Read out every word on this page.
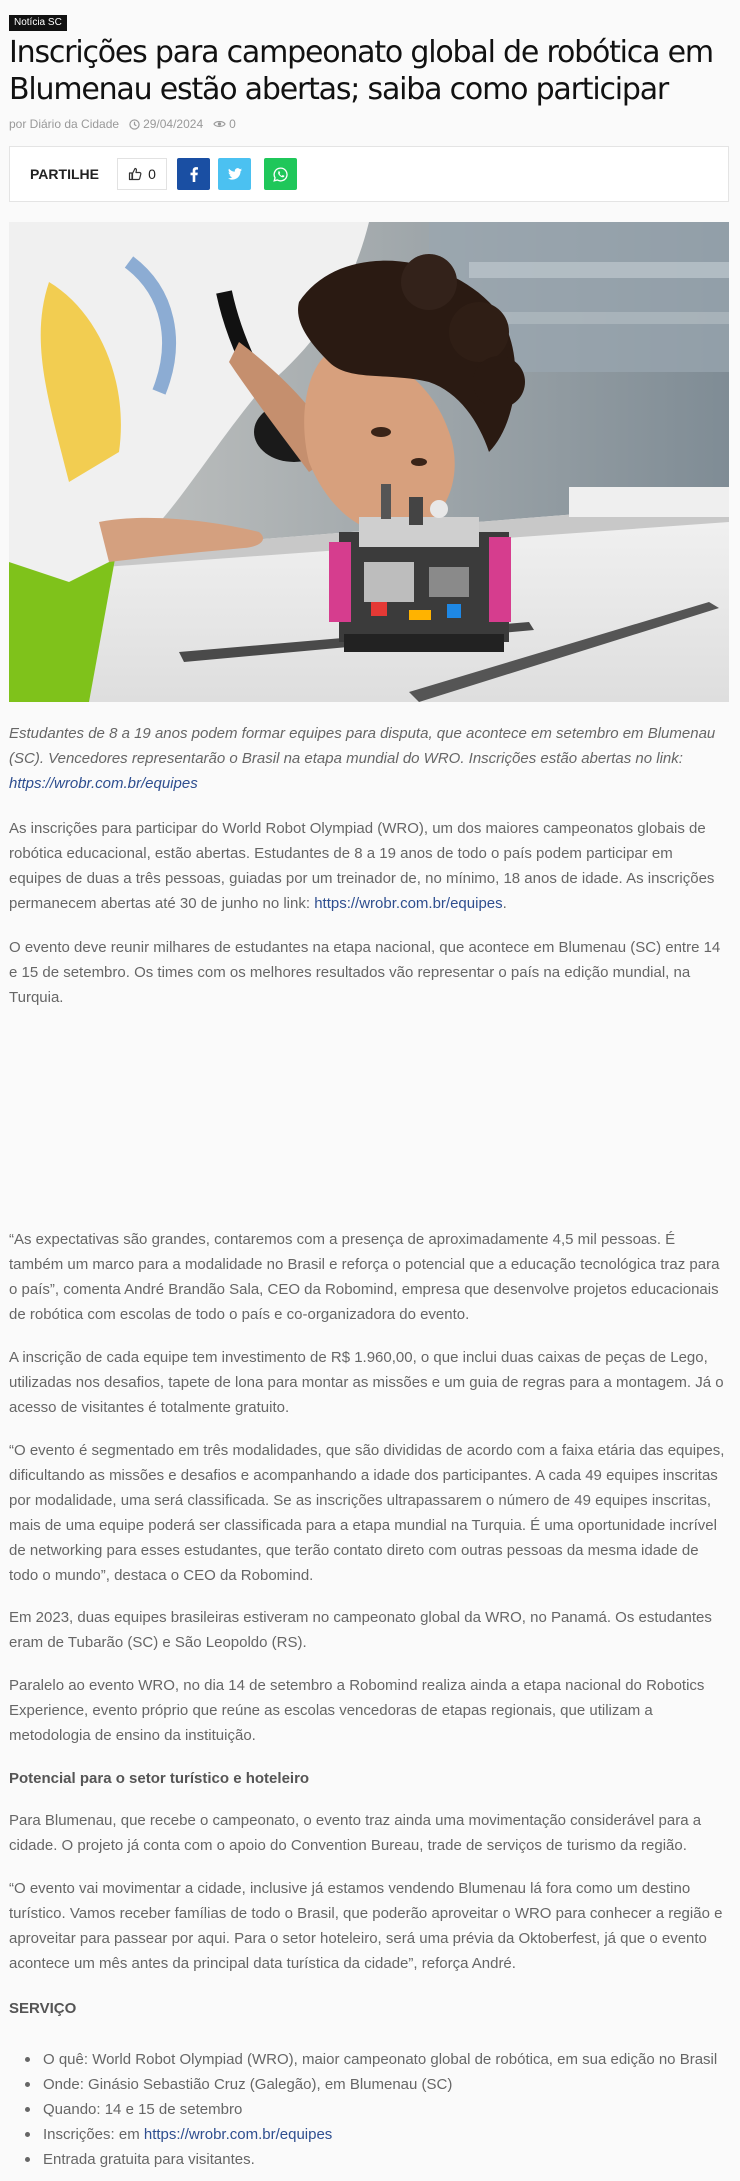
Notícia SC
Inscrições para campeonato global de robótica em Blumenau estão abertas; saiba como participar
por Diário da Cidade 29/04/2024 0
PARTILHE	0

Estudantes de 8 a 19 anos podem formar equipes para disputa, que acontece em setembro em Blumenau (SC). Vencedores representarão o Brasil na etapa mundial do WRO. Inscrições estão abertas no link: https://wrobr.com.br/equipes

As inscrições para participar do World Robot Olympiad (WRO), um dos maiores campeonatos globais de robótica educacional, estão abertas. Estudantes de 8 a 19 anos de todo o país podem participar em equipes de duas a três pessoas, guiadas por um treinador de, no mínimo, 18 anos de idade. As inscrições permanecem abertas até 30 de junho no link: https://wrobr.com.br/equipes.

O evento deve reunir milhares de estudantes na etapa nacional, que acontece em Blumenau (SC) entre 14 e 15 de setembro. Os times com os melhores resultados vão representar o país na edição mundial, na Turquia.

“As expectativas são grandes, contaremos com a presença de aproximadamente 4,5 mil pessoas. É também um marco para a modalidade no Brasil e reforça o potencial que a educação tecnológica traz para o país”, comenta André Brandão Sala, CEO da Robomind, empresa que desenvolve projetos educacionais de robótica com escolas de todo o país e co-organizadora do evento.

A inscrição de cada equipe tem investimento de R$ 1.960,00, o que inclui duas caixas de peças de Lego, utilizadas nos desafios, tapete de lona para montar as missões e um guia de regras para a montagem. Já o acesso de visitantes é totalmente gratuito.

“O evento é segmentado em três modalidades, que são divididas de acordo com a faixa etária das equipes, dificultando as missões e desafios e acompanhando a idade dos participantes. A cada 49 equipes inscritas por modalidade, uma será classificada. Se as inscrições ultrapassarem o número de 49 equipes inscritas, mais de uma equipe poderá ser classificada para a etapa mundial na Turquia. É uma oportunidade incrível de networking para esses estudantes, que terão contato direto com outras pessoas da mesma idade de todo o mundo”, destaca o CEO da Robomind.

Em 2023, duas equipes brasileiras estiveram no campeonato global da WRO, no Panamá. Os estudantes eram de Tubarão (SC) e São Leopoldo (RS).

Paralelo ao evento WRO, no dia 14 de setembro a Robomind realiza ainda a etapa nacional do Robotics Experience, evento próprio que reúne as escolas vencedoras de etapas regionais, que utilizam a metodologia de ensino da instituição.

Potencial para o setor turístico e hoteleiro

Para Blumenau, que recebe o campeonato, o evento traz ainda uma movimentação considerável para a cidade. O projeto já conta com o apoio do Convention Bureau, trade de serviços de turismo da região.

“O evento vai movimentar a cidade, inclusive já estamos vendendo Blumenau lá fora como um destino turístico. Vamos receber famílias de todo o Brasil, que poderão aproveitar o WRO para conhecer a região e aproveitar para passear por aqui. Para o setor hoteleiro, será uma prévia da Oktoberfest, já que o evento acontece um mês antes da principal data turística da cidade”, reforça André.

SERVIÇO

O quê: World Robot Olympiad (WRO), maior campeonato global de robótica, em sua edição no Brasil
Onde: Ginásio Sebastião Cruz (Galegão), em Blumenau (SC)
Quando: 14 e 15 de setembro
Inscrições: em https://wrobr.com.br/equipes
Entrada gratuita para visitantes.
